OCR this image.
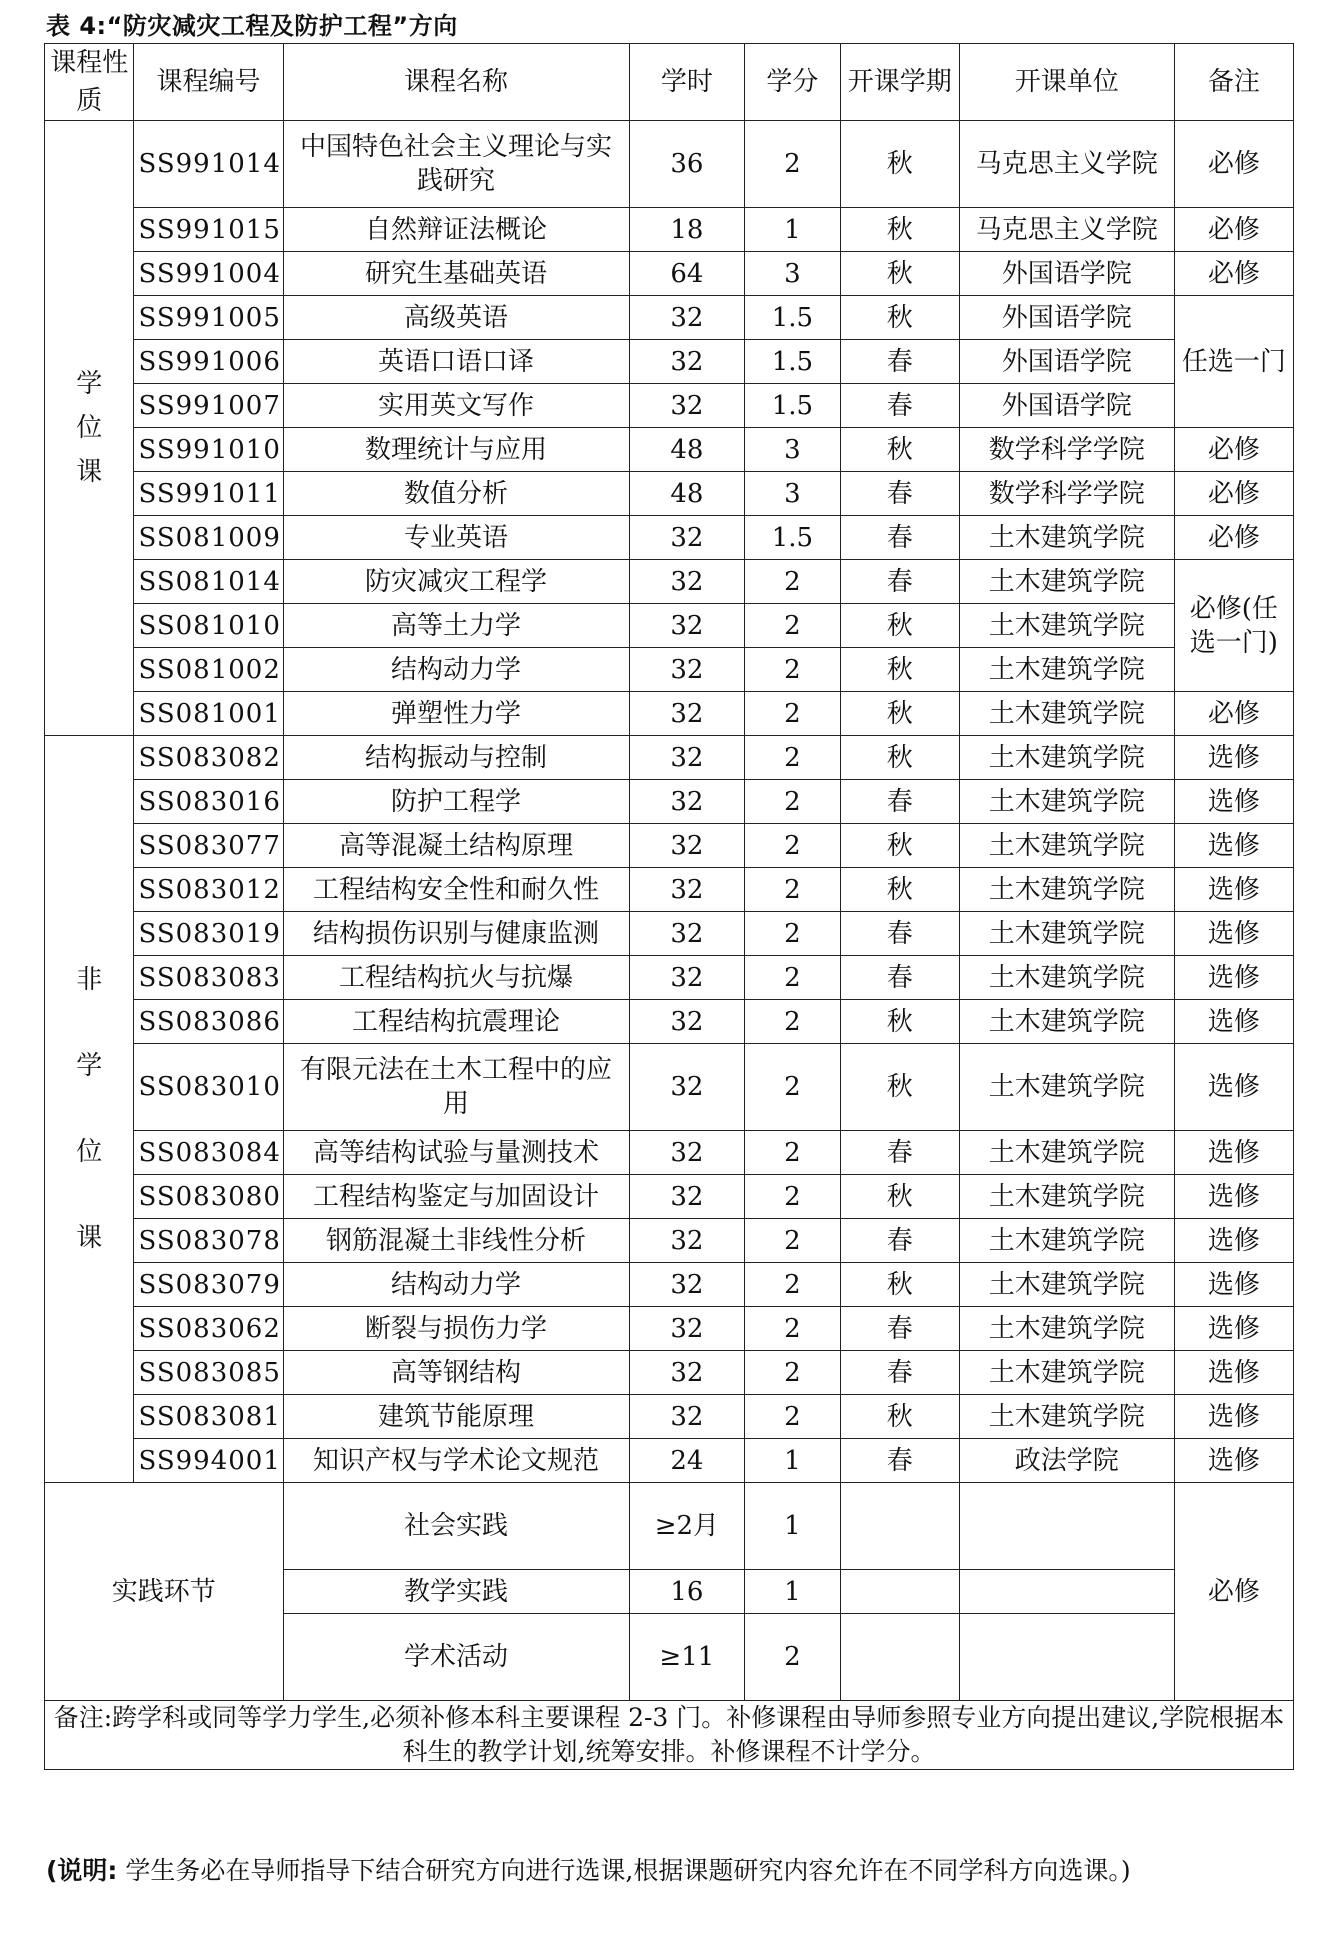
表 4:“防灾减灾工程及防护工程”方向
课程性质	课程编号	课程名称	学时	学分	开课学期	开课单位	备注

学
位
课	SS991014	中国特色社会主义理论与实践研究	36	2	秋	马克思主义学院	必修
	SS991015	自然辩证法概论	18	1	秋	马克思主义学院	必修
	SS991004	研究生基础英语	64	3	秋	外国语学院	必修
	SS991005	高级英语	32	1.5	秋	外国语学院	任选一门
	SS991006	英语口语口译	32	1.5	春	外国语学院	
	SS991007	实用英文写作	32	1.5	春	外国语学院	
	SS991010	数理统计与应用	48	3	秋	数学科学学院	必修
	SS991011	数值分析	48	3	春	数学科学学院	必修
	SS081009	专业英语	32	1.5	春	土木建筑学院	必修
	SS081014	防灾减灾工程学	32	2	春	土木建筑学院	必修(任选一门)
	SS081010	高等土力学	32	2	秋	土木建筑学院	
	SS081002	结构动力学	32	2	秋	土木建筑学院	
	SS081001	弹塑性力学	32	2	秋	土木建筑学院	必修

非
学
位
课	SS083082	结构振动与控制	32	2	秋	土木建筑学院	选修
	SS083016	防护工程学	32	2	春	土木建筑学院	选修
	SS083077	高等混凝土结构原理	32	2	秋	土木建筑学院	选修
	SS083012	工程结构安全性和耐久性	32	2	秋	土木建筑学院	选修
	SS083019	结构损伤识别与健康监测	32	2	春	土木建筑学院	选修
	SS083083	工程结构抗火与抗爆	32	2	春	土木建筑学院	选修
	SS083086	工程结构抗震理论	32	2	秋	土木建筑学院	选修
	SS083010	有限元法在土木工程中的应用	32	2	秋	土木建筑学院	选修
	SS083084	高等结构试验与量测技术	32	2	春	土木建筑学院	选修
	SS083080	工程结构鉴定与加固设计	32	2	秋	土木建筑学院	选修
	SS083078	钢筋混凝土非线性分析	32	2	春	土木建筑学院	选修
	SS083079	结构动力学	32	2	秋	土木建筑学院	选修
	SS083062	断裂与损伤力学	32	2	春	土木建筑学院	选修
	SS083085	高等钢结构	32	2	春	土木建筑学院	选修
	SS083081	建筑节能原理	32	2	秋	土木建筑学院	选修
	SS994001	知识产权与学术论文规范	24	1	春	政法学院	选修
实践环节		社会实践	≥2月	1			必修
		教学实践	16	1			
		学术活动	≥11	2			
备注:跨学科或同等学力学生,必须补修本科主要课程 2-3 门。补修课程由导师参照专业方向提出建议,学院根据本科生的教学计划,统筹安排。补修课程不计学分。							
(说明: 学生务必在导师指导下结合研究方向进行选课,根据课题研究内容允许在不同学科方向选课。)
